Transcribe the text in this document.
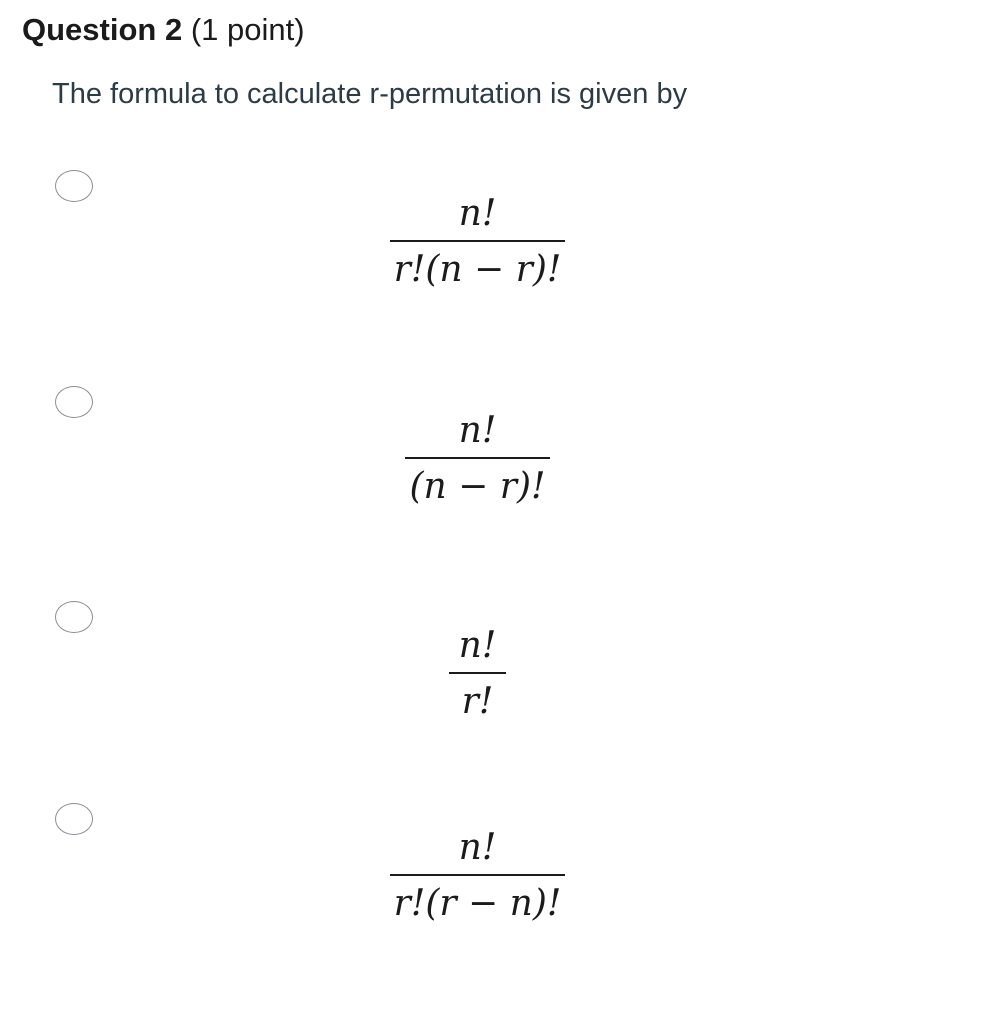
Question 2 (1 point)
The formula to calculate r-permutation is given by
$\frac{n!}{r!(n - r)!}$
$\frac{n!}{(n - r)!}$
$\frac{n!}{r!}$
$\frac{n!}{r!(r - n)!}$
